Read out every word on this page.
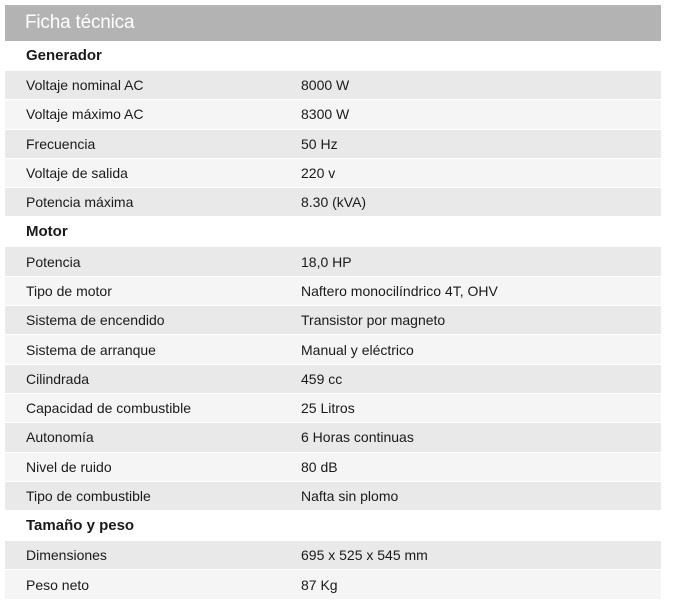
Ficha técnica
Generador
Voltaje nominal AC	8000 W
Voltaje máximo AC	8300 W
Frecuencia	50 Hz
Voltaje de salida	220 v
Potencia máxima	8.30 (kVA)
Motor
Potencia	18,0 HP
Tipo de motor	Naftero monocilíndrico 4T, OHV
Sistema de encendido	Transistor por magneto
Sistema de arranque	Manual y eléctrico
Cilindrada	459 cc
Capacidad de combustible	25 Litros
Autonomía	6 Horas continuas
Nivel de ruido	80 dB
Tipo de combustible	Nafta sin plomo
Tamaño y peso
Dimensiones	695 x 525 x 545 mm
Peso neto	87 Kg
